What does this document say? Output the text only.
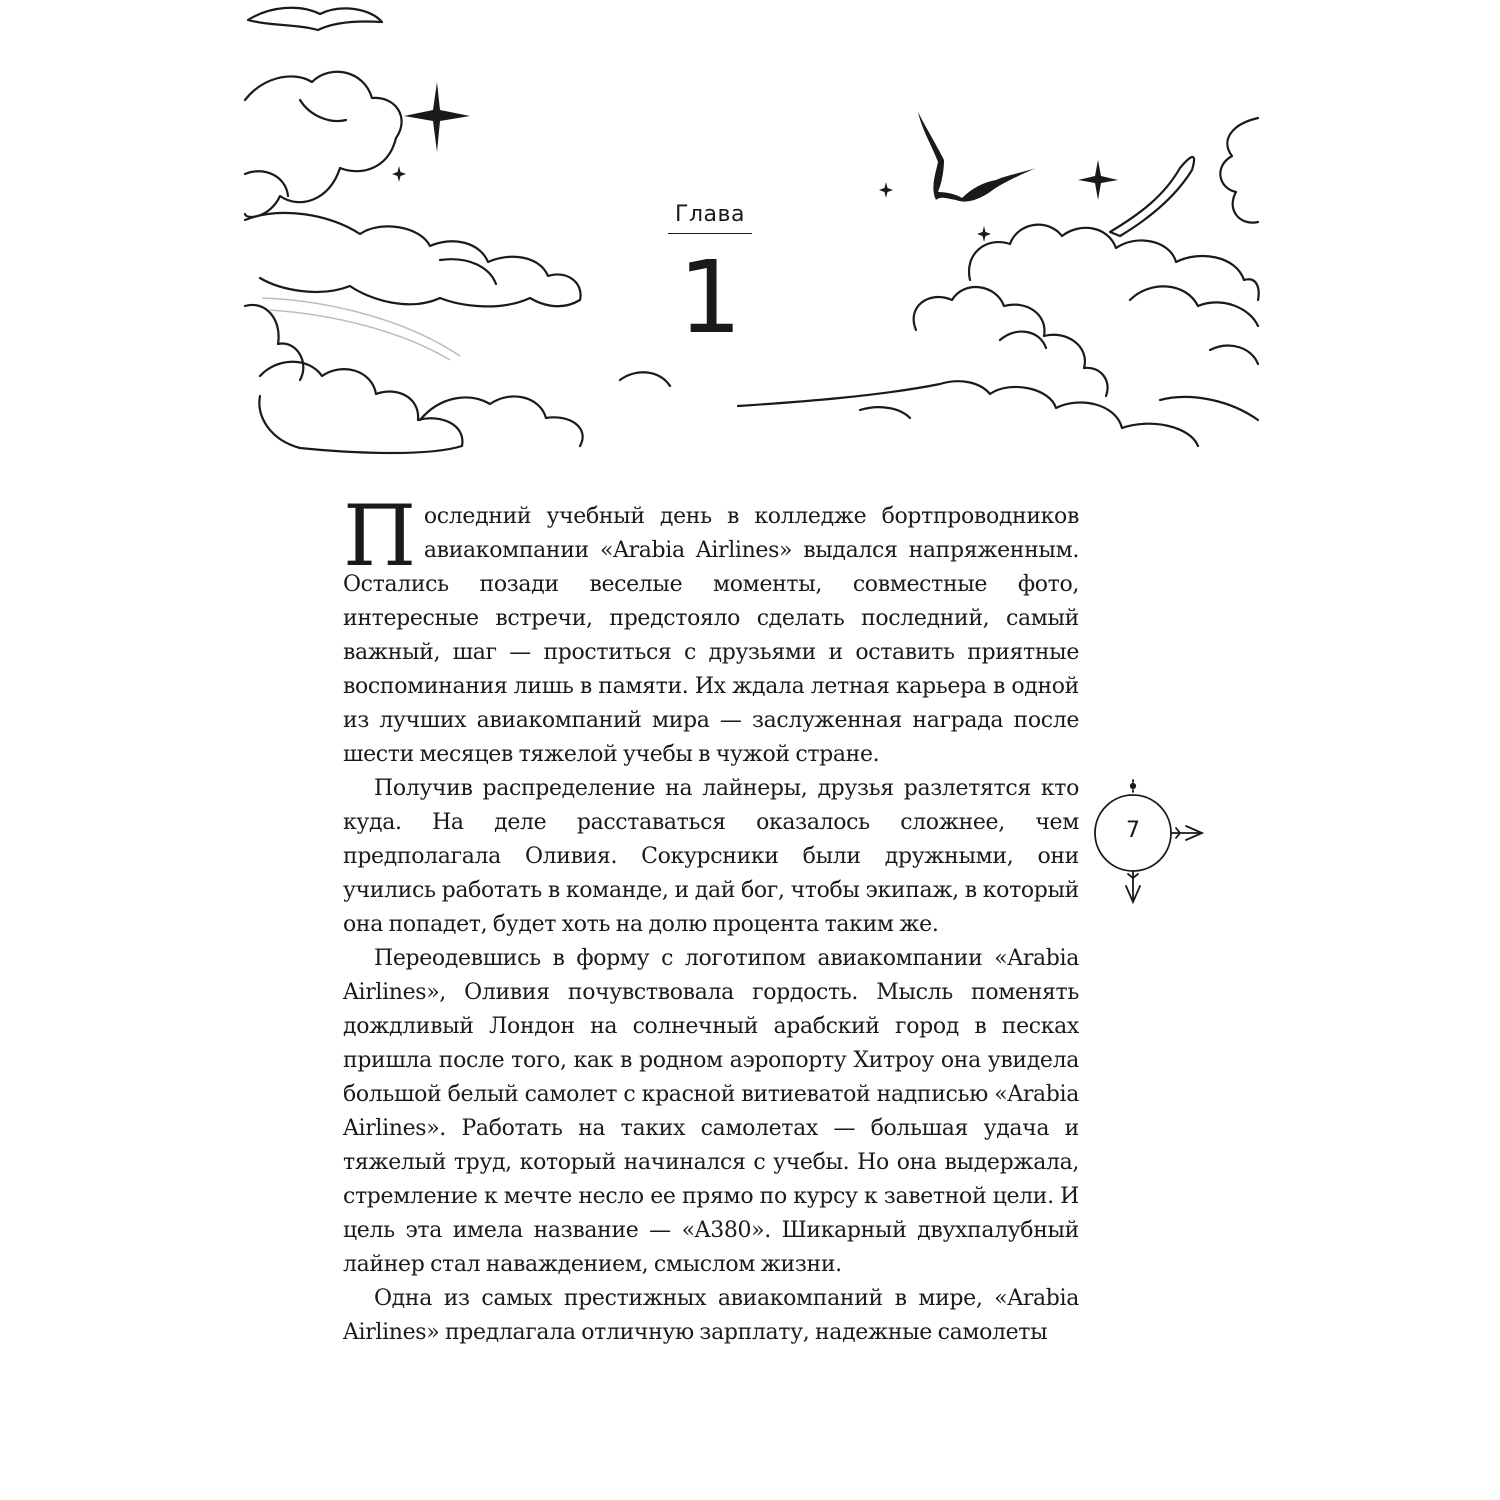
Глава
1

Последний учебный день в колледже бортпроводников авиакомпании «Arabia Airlines» выдался напряженным. Остались позади веселые моменты, совместные фото, интересные встречи, предстояло сделать последний, самый важный, шаг — проститься с друзьями и оставить приятные воспоминания лишь в памяти. Их ждала летная карьера в одной из лучших авиакомпаний мира — заслуженная награда после шести месяцев тяжелой учебы в чужой стране.

Получив распределение на лайнеры, друзья разлетятся кто куда. На деле расставаться оказалось сложнее, чем предполагала Оливия. Сокурсники были дружными, они учились работать в команде, и дай бог, чтобы экипаж, в который она попадет, будет хоть на долю процента таким же.

Переодевшись в форму с логотипом авиакомпании «Arabia Airlines», Оливия почувствовала гордость. Мысль поменять дождливый Лондон на солнечный арабский город в песках пришла после того, как в родном аэропорту Хитроу она увидела большой белый самолет с красной витиеватой надписью «Arabia Airlines». Работать на таких самолетах — большая удача и тяжелый труд, который начинался с учебы. Но она выдержала, стремление к мечте несло ее прямо по курсу к заветной цели. И цель эта имела название — «A380». Шикарный двухпалубный лайнер стал наваждением, смыслом жизни.

Одна из самых престижных авиакомпаний в мире, «Arabia Airlines» предлагала отличную зарплату, надежные самолеты

7
